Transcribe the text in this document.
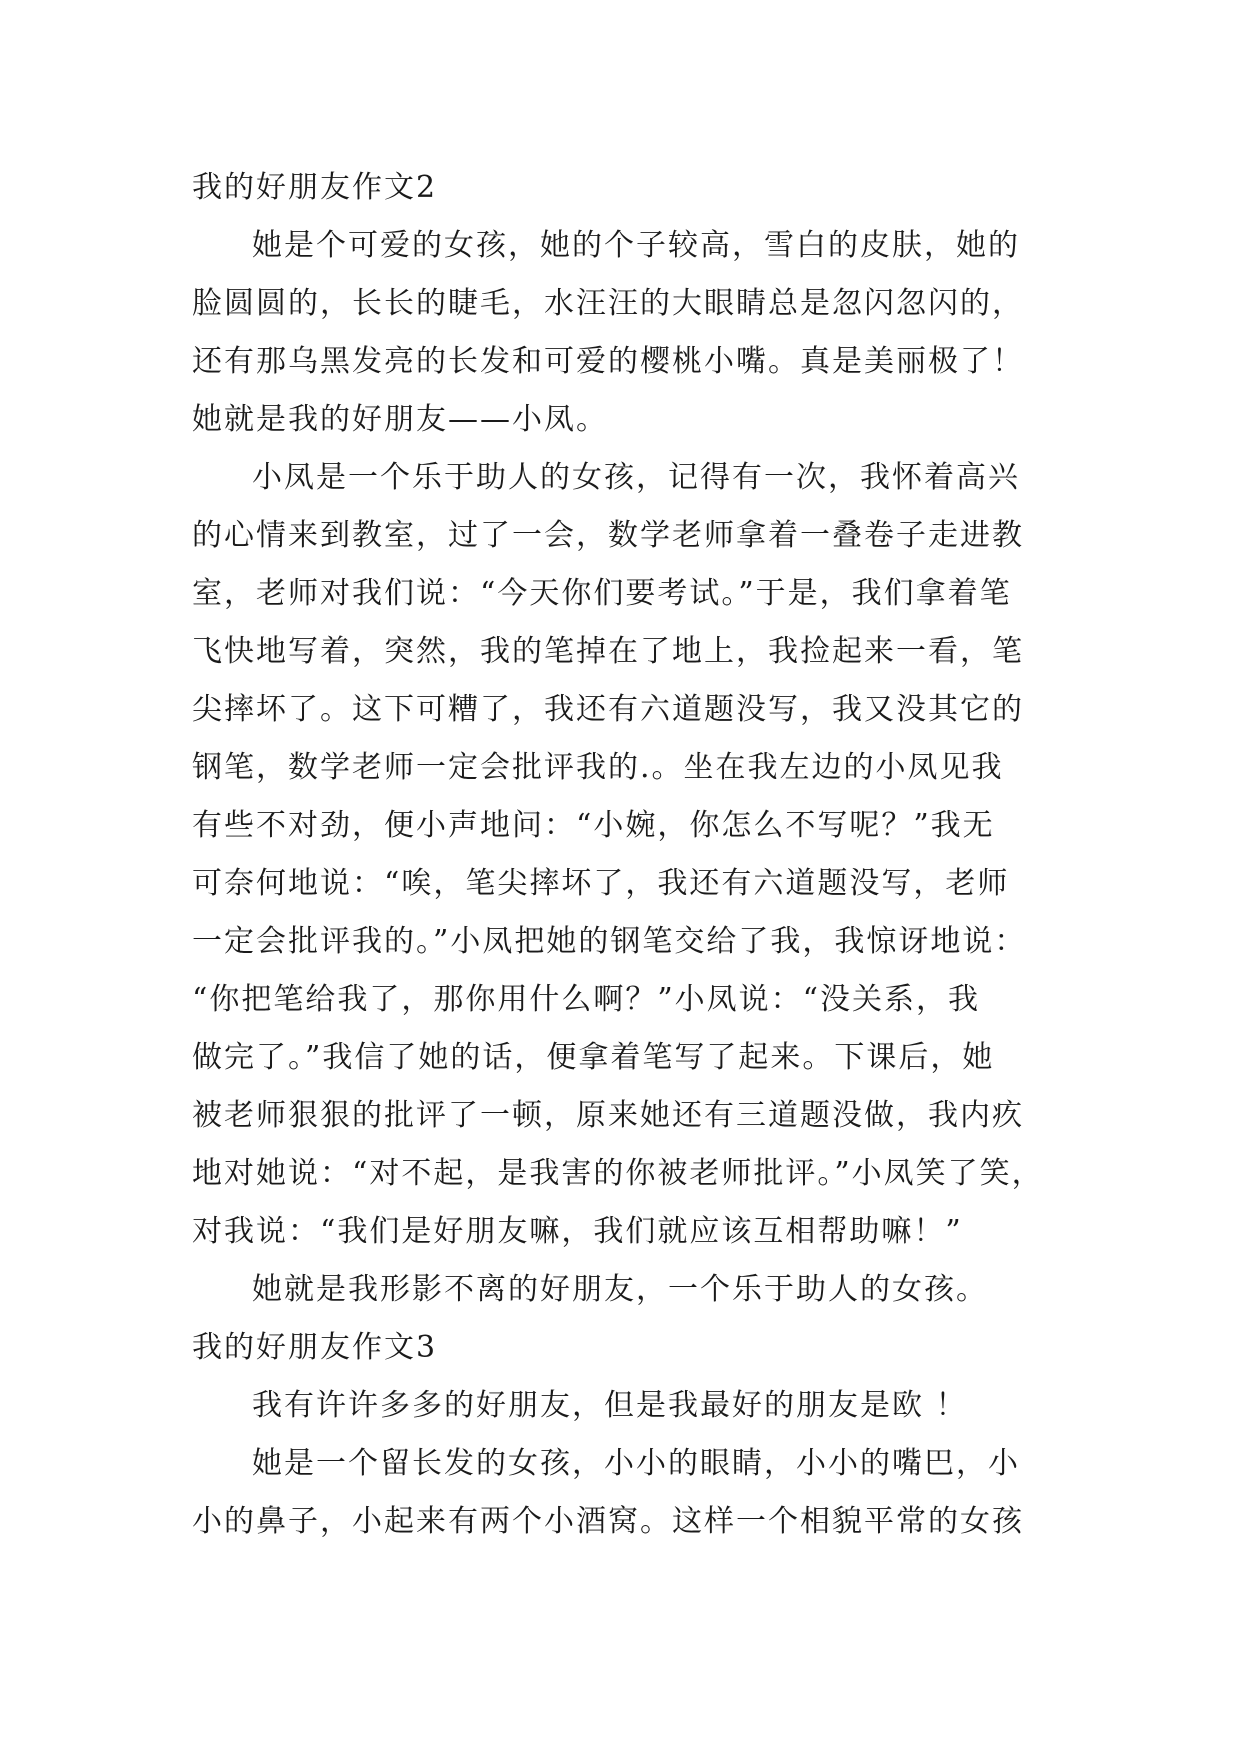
我的好朋友作文2
她是个可爱的女孩，她的个子较高，雪白的皮肤，她的
脸圆圆的，长长的睫毛，水汪汪的大眼睛总是忽闪忽闪的，
还有那乌黑发亮的长发和可爱的樱桃小嘴。真是美丽极了！
她就是我的好朋友——小凤。
小凤是一个乐于助人的女孩，记得有一次，我怀着高兴
的心情来到教室，过了一会，数学老师拿着一叠卷子走进教
室，老师对我们说：“今天你们要考试。”于是，我们拿着笔
飞快地写着，突然，我的笔掉在了地上，我捡起来一看，笔
尖摔坏了。这下可糟了，我还有六道题没写，我又没其它的
钢笔，数学老师一定会批评我的.。坐在我左边的小凤见我
有些不对劲，便小声地问：“小婉，你怎么不写呢？”我无
可奈何地说：“唉，笔尖摔坏了，我还有六道题没写，老师
一定会批评我的。”小凤把她的钢笔交给了我，我惊讶地说：
“你把笔给我了，那你用什么啊？”小凤说：“没关系，我
做完了。”我信了她的话，便拿着笔写了起来。下课后，她
被老师狠狠的批评了一顿，原来她还有三道题没做，我内疚
地对她说：“对不起，是我害的你被老师批评。”小凤笑了笑，
对我说：“我们是好朋友嘛，我们就应该互相帮助嘛！”
她就是我形影不离的好朋友，一个乐于助人的女孩。
我的好朋友作文3
我有许许多多的好朋友，但是我最好的朋友是欧 ！
她是一个留长发的女孩，小小的眼睛，小小的嘴巴，小
小的鼻子，小起来有两个小酒窝。这样一个相貌平常的女孩
